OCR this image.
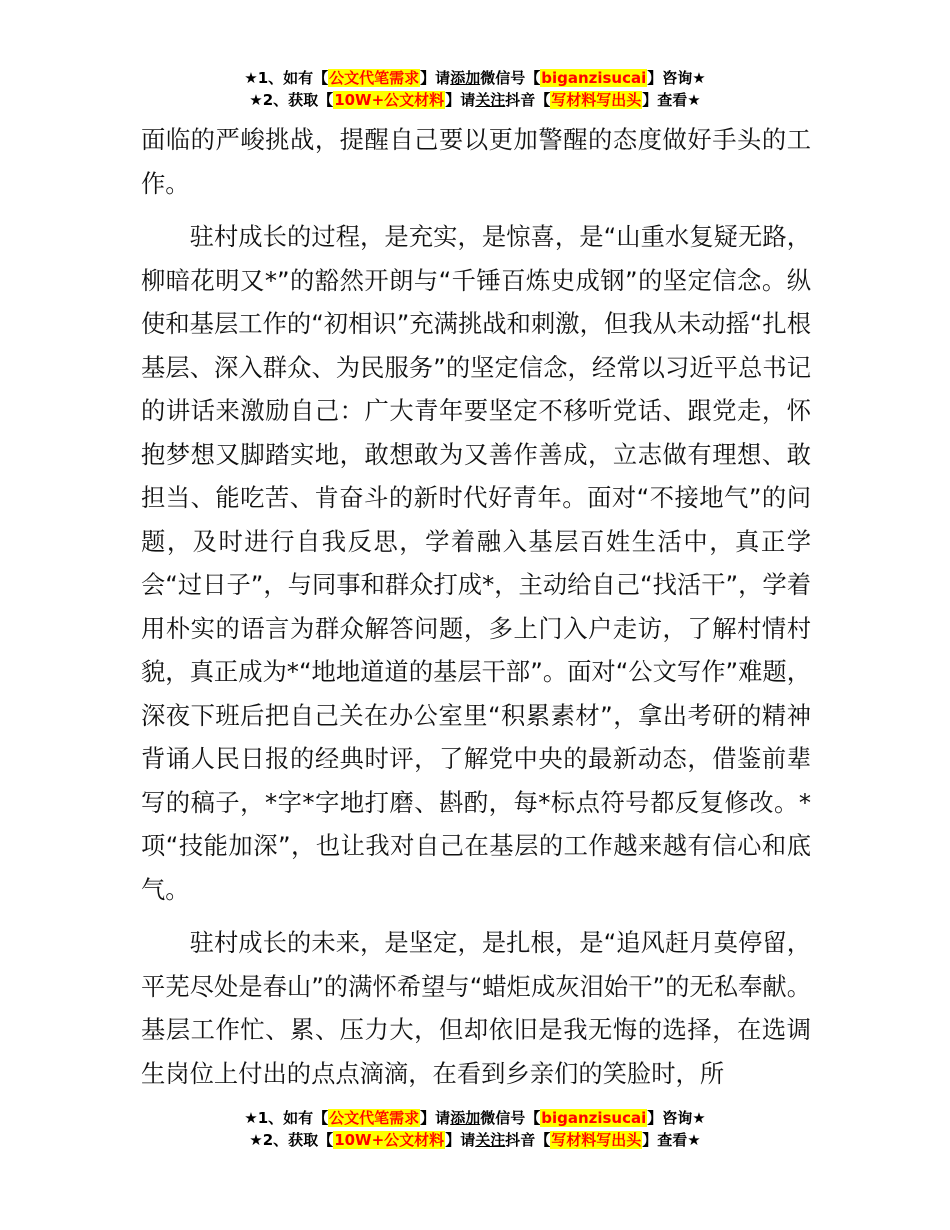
★1、如有【公文代笔需求】请添加微信号【biganzisucai】咨询★
★2、获取【10W+公文材料】请关注抖音【写材料写出头】查看★

面临的严峻挑战，提醒自己要以更加警醒的态度做好手头的工作。

驻村成长的过程，是充实，是惊喜，是“山重水复疑无路，柳暗花明又*”的豁然开朗与“千锤百炼史成钢”的坚定信念。纵使和基层工作的“初相识”充满挑战和刺激，但我从未动摇“扎根基层、深入群众、为民服务”的坚定信念，经常以习近平总书记的讲话来激励自己：广大青年要坚定不移听党话、跟党走，怀抱梦想又脚踏实地，敢想敢为又善作善成，立志做有理想、敢担当、能吃苦、肯奋斗的新时代好青年。面对“不接地气”的问题，及时进行自我反思，学着融入基层百姓生活中，真正学会“过日子”，与同事和群众打成*，主动给自己“找活干”，学着用朴实的语言为群众解答问题，多上门入户走访，了解村情村貌，真正成为*“地地道道的基层干部”。面对“公文写作”难题，深夜下班后把自己关在办公室里“积累素材”，拿出考研的精神背诵人民日报的经典时评，了解党中央的最新动态，借鉴前辈写的稿子，*字*字地打磨、斟酌，每*标点符号都反复修改。*项“技能加深”，也让我对自己在基层的工作越来越有信心和底气。

驻村成长的未来，是坚定，是扎根，是“追风赶月莫停留，平芜尽处是春山”的满怀希望与“蜡炬成灰泪始干”的无私奉献。基层工作忙、累、压力大，但却依旧是我无悔的选择，在选调生岗位上付出的点点滴滴，在看到乡亲们的笑脸时，所

★1、如有【公文代笔需求】请添加微信号【biganzisucai】咨询★
★2、获取【10W+公文材料】请关注抖音【写材料写出头】查看★
